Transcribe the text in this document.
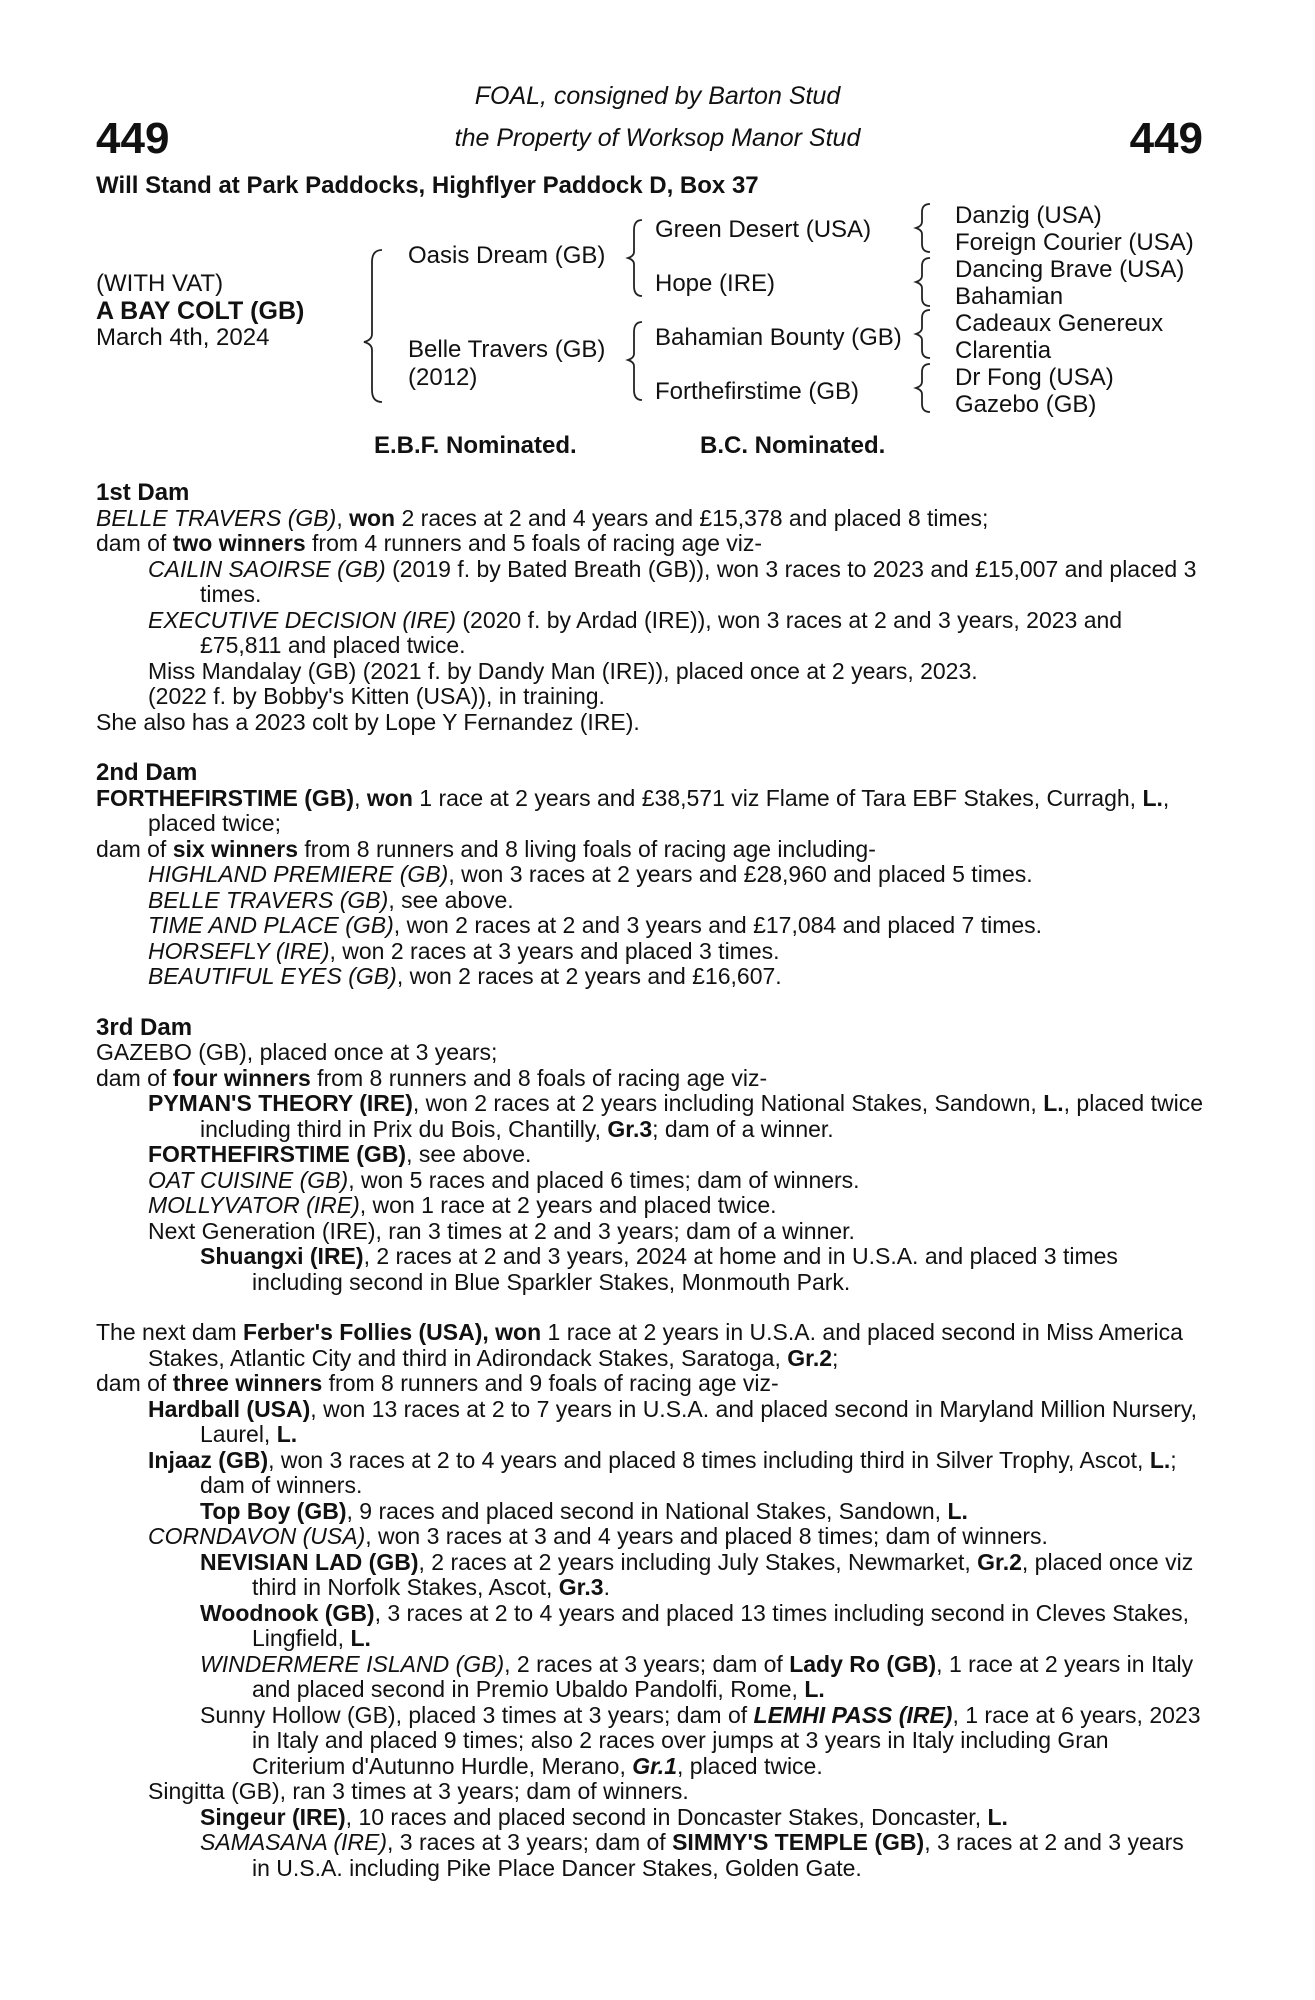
449	449
FOAL, consigned by Barton Stud
the Property of Worksop Manor Stud
Will Stand at Park Paddocks, Highflyer Paddock D, Box 37
(WITH VAT)
A BAY COLT (GB)
March 4th, 2024
Oasis Dream (GB)
Belle Travers (GB)
(2012)
Green Desert (USA)
Hope (IRE)
Bahamian Bounty (GB)
Forthefirstime (GB)
Danzig (USA)
Foreign Courier (USA)
Dancing Brave (USA)
Bahamian
Cadeaux Genereux
Clarentia
Dr Fong (USA)
Gazebo (GB)
E.B.F. Nominated.	B.C. Nominated.
1st Dam
BELLE TRAVERS (GB), won 2 races at 2 and 4 years and £15,378 and placed 8 times;
dam of two winners from 4 runners and 5 foals of racing age viz-
CAILIN SAOIRSE (GB) (2019 f. by Bated Breath (GB)), won 3 races to 2023 and £15,007 and placed 3 times.
EXECUTIVE DECISION (IRE) (2020 f. by Ardad (IRE)), won 3 races at 2 and 3 years, 2023 and £75,811 and placed twice.
Miss Mandalay (GB) (2021 f. by Dandy Man (IRE)), placed once at 2 years, 2023.
(2022 f. by Bobby's Kitten (USA)), in training.
She also has a 2023 colt by Lope Y Fernandez (IRE).
2nd Dam
FORTHEFIRSTIME (GB), won 1 race at 2 years and £38,571 viz Flame of Tara EBF Stakes, Curragh, L., placed twice;
dam of six winners from 8 runners and 8 living foals of racing age including-
HIGHLAND PREMIERE (GB), won 3 races at 2 years and £28,960 and placed 5 times.
BELLE TRAVERS (GB), see above.
TIME AND PLACE (GB), won 2 races at 2 and 3 years and £17,084 and placed 7 times.
HORSEFLY (IRE), won 2 races at 3 years and placed 3 times.
BEAUTIFUL EYES (GB), won 2 races at 2 years and £16,607.
3rd Dam
GAZEBO (GB), placed once at 3 years;
dam of four winners from 8 runners and 8 foals of racing age viz-
PYMAN'S THEORY (IRE), won 2 races at 2 years including National Stakes, Sandown, L., placed twice including third in Prix du Bois, Chantilly, Gr.3; dam of a winner.
FORTHEFIRSTIME (GB), see above.
OAT CUISINE (GB), won 5 races and placed 6 times; dam of winners.
MOLLYVATOR (IRE), won 1 race at 2 years and placed twice.
Next Generation (IRE), ran 3 times at 2 and 3 years; dam of a winner.
Shuangxi (IRE), 2 races at 2 and 3 years, 2024 at home and in U.S.A. and placed 3 times including second in Blue Sparkler Stakes, Monmouth Park.
The next dam Ferber's Follies (USA), won 1 race at 2 years in U.S.A. and placed second in Miss America Stakes, Atlantic City and third in Adirondack Stakes, Saratoga, Gr.2;
dam of three winners from 8 runners and 9 foals of racing age viz-
Hardball (USA), won 13 races at 2 to 7 years in U.S.A. and placed second in Maryland Million Nursery, Laurel, L.
Injaaz (GB), won 3 races at 2 to 4 years and placed 8 times including third in Silver Trophy, Ascot, L.; dam of winners.
Top Boy (GB), 9 races and placed second in National Stakes, Sandown, L.
CORNDAVON (USA), won 3 races at 3 and 4 years and placed 8 times; dam of winners.
NEVISIAN LAD (GB), 2 races at 2 years including July Stakes, Newmarket, Gr.2, placed once viz third in Norfolk Stakes, Ascot, Gr.3.
Woodnook (GB), 3 races at 2 to 4 years and placed 13 times including second in Cleves Stakes, Lingfield, L.
WINDERMERE ISLAND (GB), 2 races at 3 years; dam of Lady Ro (GB), 1 race at 2 years in Italy and placed second in Premio Ubaldo Pandolfi, Rome, L.
Sunny Hollow (GB), placed 3 times at 3 years; dam of LEMHI PASS (IRE), 1 race at 6 years, 2023 in Italy and placed 9 times; also 2 races over jumps at 3 years in Italy including Gran Criterium d'Autunno Hurdle, Merano, Gr.1, placed twice.
Singitta (GB), ran 3 times at 3 years; dam of winners.
Singeur (IRE), 10 races and placed second in Doncaster Stakes, Doncaster, L.
SAMASANA (IRE), 3 races at 3 years; dam of SIMMY'S TEMPLE (GB), 3 races at 2 and 3 years in U.S.A. including Pike Place Dancer Stakes, Golden Gate.
